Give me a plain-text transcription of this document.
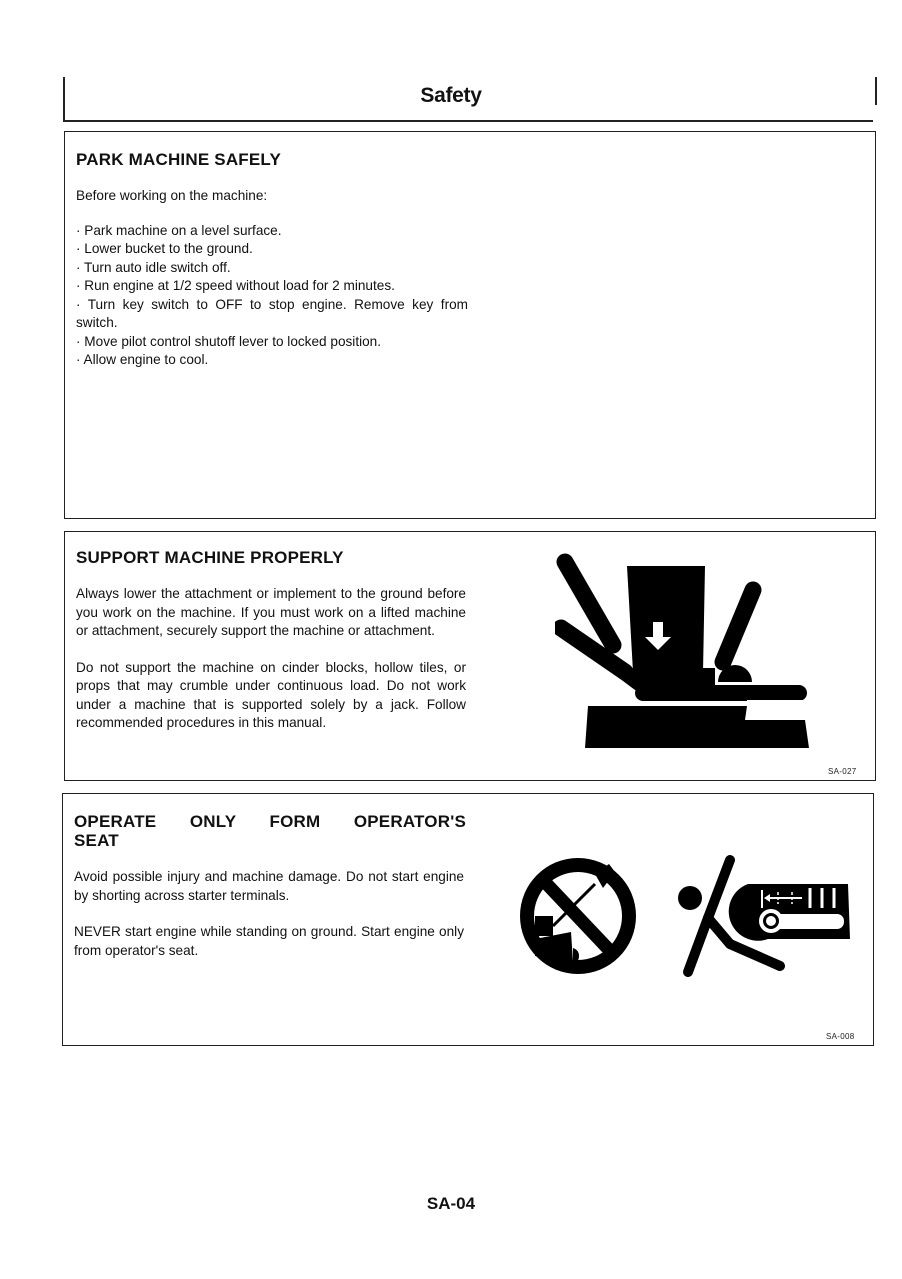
Safety
PARK MACHINE SAFELY

Before working on the machine:

· Park machine on a level surface.
· Lower bucket to the ground.
· Turn auto idle switch off.
· Run engine at 1/2 speed without load for 2 minutes.
· Turn key switch to OFF to stop engine. Remove key from switch.
· Move pilot control shutoff lever to locked position.
· Allow engine to cool.
SUPPORT MACHINE PROPERLY

Always lower the attachment or implement to the ground before you work on the machine. If you must work on a lifted machine or attachment, securely support the machine or attachment.

Do not support the machine on cinder blocks, hollow tiles, or props that may crumble under continuous load. Do not work under a machine that is supported solely by a jack. Follow recommended procedures in this manual.

SA-027
OPERATE ONLY FORM OPERATOR'S SEAT

Avoid possible injury and machine damage. Do not start engine by shorting across starter terminals.

NEVER start engine while standing on ground. Start engine only from operator's seat.

SA-008
SA-04
